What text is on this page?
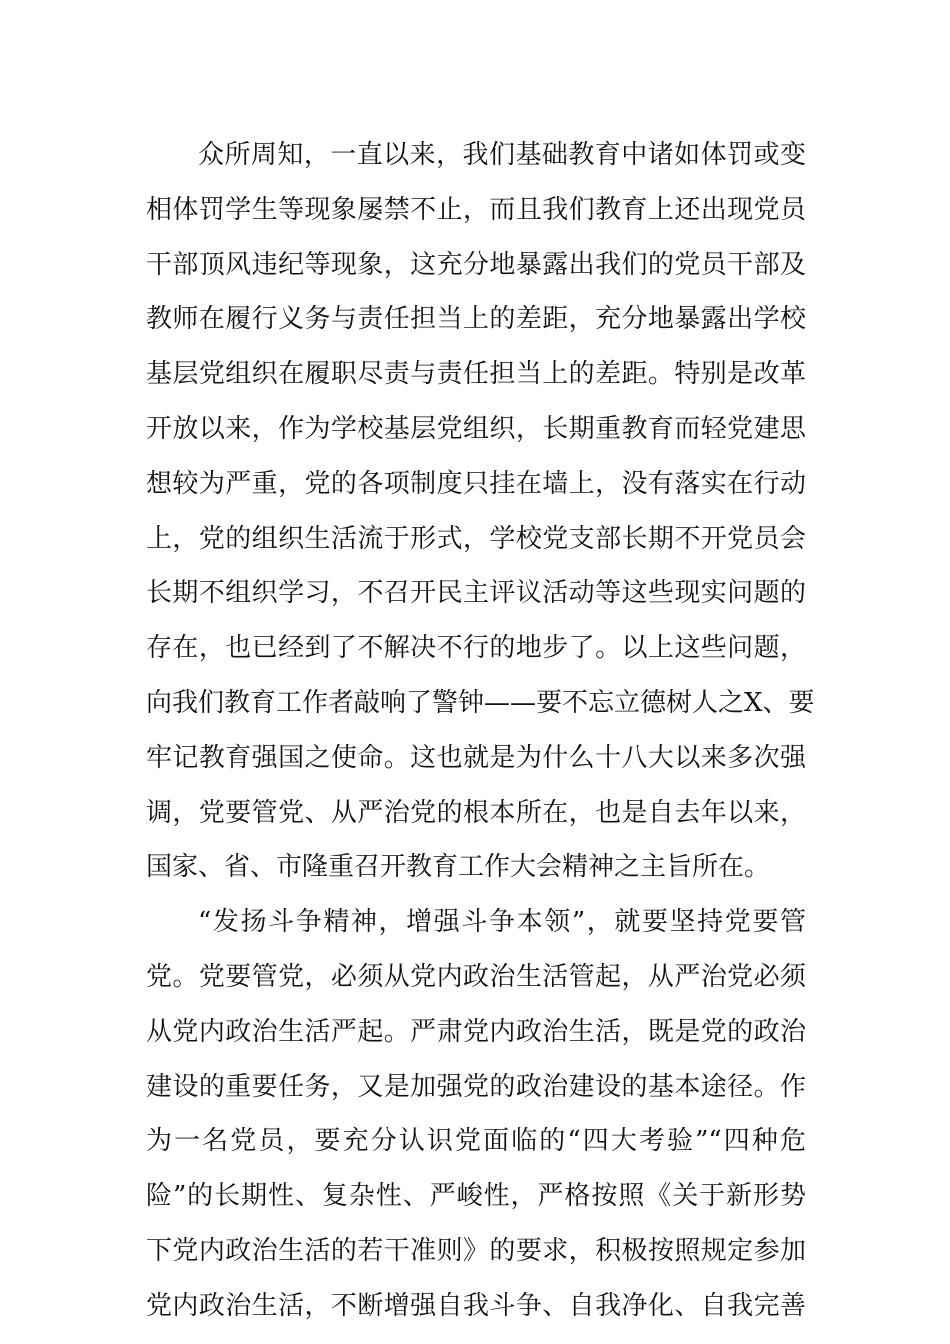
众所周知，一直以来，我们基础教育中诸如体罚或变
相体罚学生等现象屡禁不止，而且我们教育上还出现党员
干部顶风违纪等现象，这充分地暴露出我们的党员干部及
教师在履行义务与责任担当上的差距，充分地暴露出学校
基层党组织在履职尽责与责任担当上的差距。特别是改革
开放以来，作为学校基层党组织，长期重教育而轻党建思
想较为严重，党的各项制度只挂在墙上，没有落实在行动
上，党的组织生活流于形式，学校党支部长期不开党员会
长期不组织学习，不召开民主评议活动等这些现实问题的
存在，也已经到了不解决不行的地步了。以上这些问题，
向我们教育工作者敲响了警钟——要不忘立德树人之X、要
牢记教育强国之使命。这也就是为什么十八大以来多次强
调，党要管党、从严治党的根本所在，也是自去年以来，
国家、省、市隆重召开教育工作大会精神之主旨所在。
“发扬斗争精神，增强斗争本领”，就要坚持党要管
党。党要管党，必须从党内政治生活管起，从严治党必须
从党内政治生活严起。严肃党内政治生活，既是党的政治
建设的重要任务，又是加强党的政治建设的基本途径。作
为一名党员，要充分认识党面临的“四大考验”“四种危
险”的长期性、复杂性、严峻性，严格按照《关于新形势
下党内政治生活的若干准则》的要求，积极按照规定参加
党内政治生活，不断增强自我斗争、自我净化、自我完善
